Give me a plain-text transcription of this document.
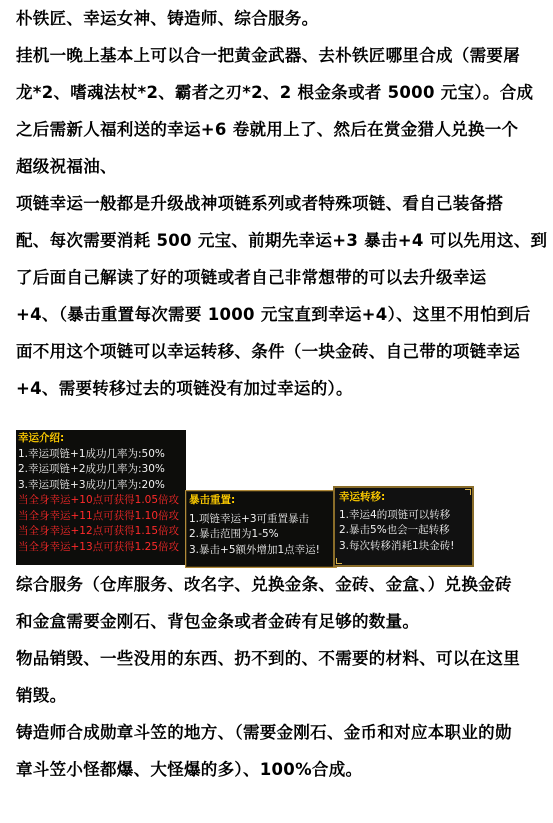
朴铁匠、幸运女神、铸造师、综合服务。
挂机一晚上基本上可以合一把黄金武器、去朴铁匠哪里合成（需要屠
龙*2、嗜魂法杖*2、霸者之刃*2、2 根金条或者 5000 元宝）。合成
之后需新人福利送的幸运+6 卷就用上了、然后在赏金猎人兑换一个
超级祝福油、
项链幸运一般都是升级战神项链系列或者特殊项链、看自己装备搭
配、每次需要消耗 500 元宝、前期先幸运+3 暴击+4 可以先用这、到
了后面自己解读了好的项链或者自己非常想带的可以去升级幸运
+4、（暴击重置每次需要 1000 元宝直到幸运+4）、这里不用怕到后
面不用这个项链可以幸运转移、条件（一块金砖、自己带的项链幸运
+4、需要转移过去的项链没有加过幸运的）。
幸运介绍:
1.幸运项链+1成功几率为:50%
2.幸运项链+2成功几率为:30%
3.幸运项链+3成功几率为:20%
当全身幸运+10点可获得1.05倍攻
当全身幸运+11点可获得1.10倍攻
当全身幸运+12点可获得1.15倍攻
当全身幸运+13点可获得1.25倍攻
暴击重置:
1.项链幸运+3可重置暴击
2.暴击范围为1-5%
3.暴击+5额外增加1点幸运!
幸运转移:
1.幸运4的项链可以转移
2.暴击5%也会一起转移
3.每次转移消耗1块金砖!
综合服务（仓库服务、改名字、兑换金条、金砖、金盒、）兑换金砖
和金盒需要金刚石、背包金条或者金砖有足够的数量。
物品销毁、一些没用的东西、扔不到的、不需要的材料、可以在这里
销毁。
铸造师合成勋章斗笠的地方、（需要金刚石、金币和对应本职业的勋
章斗笠小怪都爆、大怪爆的多）、100%合成。
